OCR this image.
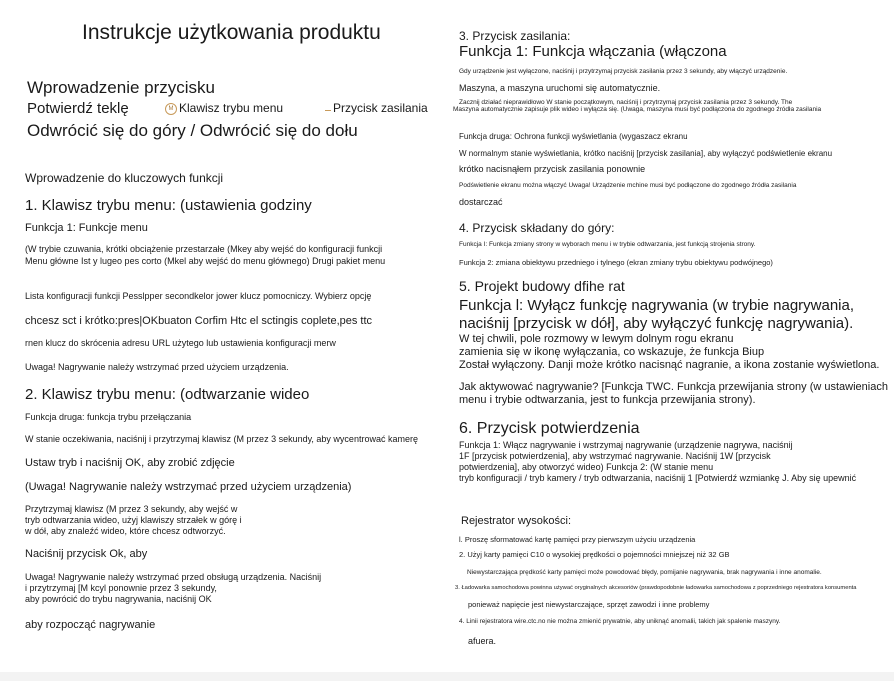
Instrukcje użytkowania produktu
Wprowadzenie przycisku
Potwierdź teklę	M Klawisz trybu menu	Przycisk zasilania
Odwrócić się do góry / Odwrócić się do dołu
Wprowadzenie do kluczowych funkcji
1. Klawisz trybu menu: (ustawienia godziny
Funkcja 1: Funkcje menu
(W trybie czuwania, krótki obciążenie przestarzałe (Mkey aby wejść do konfiguracji funkcji
Menu główne Ist y lugeo pes corto (Mkel aby wejść do menu głównego) Drugi pakiet menu
Lista konfiguracji funkcji Pesslpper secondkelor jower klucz pomocniczy. Wybierz opcję
chcesz sct i krótko:pres|OKbuaton Corfim Htc el sctingis coplete,pes ttc
rnen klucz do skrócenia adresu URL użytego lub ustawienia konfiguracji merw
Uwaga! Nagrywanie należy wstrzymać przed użyciem urządzenia.
2. Klawisz trybu menu: (odtwarzanie wideo
Funkcja druga: funkcja trybu przełączania
W stanie oczekiwania, naciśnij i przytrzymaj klawisz (M przez 3 sekundy, aby wycentrować kamerę
Ustaw tryb i naciśnij OK, aby zrobić zdjęcie
(Uwaga! Nagrywanie należy wstrzymać przed użyciem urządzenia)
Przytrzymaj klawisz (M przez 3 sekundy, aby wejść w
tryb odtwarzania wideo, użyj klawiszy strzałek w górę i
w dół, aby znaleźć wideo, które chcesz odtworzyć.
Naciśnij przycisk Ok, aby
Uwaga! Nagrywanie należy wstrzymać przed obsługą urządzenia. Naciśnij
i przytrzymaj [M kcyl ponownie przez 3 sekundy,
aby powrócić do trybu nagrywania, naciśnij OK
aby rozpocząć nagrywanie
3. Przycisk zasilania:
Funkcja 1: Funkcja włączania (włączona
Gdy urządzenie jest wyłączone, naciśnij i przytrzymaj przycisk zasilania przez 3 sekundy, aby włączyć urządzenie.
Maszyna, a maszyna uruchomi się automatycznie.
Zacznij działać nieprawidłowo W stanie początkowym, naciśnij i przytrzymaj przycisk zasilania przez 3 sekundy. The
Maszyna automatycznie zapisuje plik wideo i wyłącza się. (Uwaga, maszyna musi być podłączona do zgodnego źródła zasilania
Funkcja druga: Ochrona funkcji wyświetlania (wygaszacz ekranu
W normalnym stanie wyświetlania, krótko naciśnij [przycisk zasilania], aby wyłączyć podświetlenie ekranu
krótko nacisnąłem przycisk zasilania ponownie
Podświetlenie ekranu można włączyć Uwaga! Urządzenie mchine musi być podłączone do zgodnego źródła zasilania
dostarczać
4. Przycisk składany do góry:
Funkcja I: Funkcja zmiany strony w wyborach menu i w trybie odtwarzania, jest funkcją strojenia strony.
Funkcja 2: zmiana obiektywu przedniego i tylnego (ekran zmiany trybu obiektywu podwójnego)
5. Projekt budowy dfihe rat
Funkcja l: Wyłącz funkcję nagrywania (w trybie nagrywania,
naciśnij [przycisk w dół], aby wyłączyć funkcję nagrywania).
W tej chwili, pole rozmowy w lewym dolnym rogu ekranu
zamienia się w ikonę wyłączania, co wskazuje, że funkcja Biup
Został wyłączony. Danji może krótko nacisnąć nagranie, a ikona zostanie wyświetlona.
Jak aktywować nagrywanie? [Funkcja TWC. Funkcja przewijania strony (w ustawieniach
menu i trybie odtwarzania, jest to funkcja przewijania strony).
6. Przycisk potwierdzenia
Funkcja 1: Włącz nagrywanie i wstrzymaj nagrywanie (urządzenie nagrywa, naciśnij
1F [przycisk potwierdzenia], aby wstrzymać nagrywanie. Naciśnij 1W [przycisk
potwierdzenia], aby otworzyć wideo) Funkcja 2: (W stanie menu
tryb konfiguracji / tryb kamery / tryb odtwarzania, naciśnij 1 [Potwierdź wzmiankę J. Aby się upewnić
Rejestrator wysokości:
l. Proszę sformatować kartę pamięci przy pierwszym użyciu urządzenia
2. Użyj karty pamięci C10 o wysokiej prędkości o pojemności mniejszej niż 32 GB
Niewystarczająca prędkość karty pamięci może powodować błędy, pomijanie nagrywania, brak nagrywania i inne anomalie.
3. Ładowarka samochodowa powinna używać oryginalnych akcesoriów (prawdopodobnie ładowarka samochodowa z poprzedniego rejestratora konsumenta
ponieważ napięcie jest niewystarczające, sprzęt zawodzi i inne problemy
4. Linii rejestratora wire.ctc.no nie można zmienić prywatnie, aby uniknąć anomalii, takich jak spalenie maszyny.
afuera.
